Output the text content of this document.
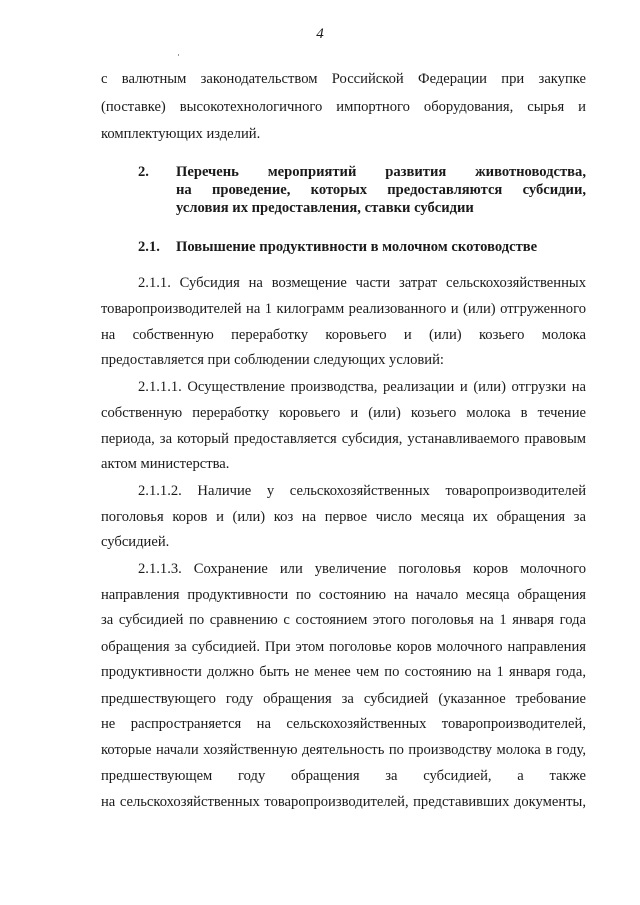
4
с валютным законодательством Российской Федерации при закупке
(поставке) высокотехнологичного импортного оборудования, сырья и
комплектующих изделий.
2. Перечень мероприятий развития животноводства,
на проведение, которых предоставляются субсидии,
условия их предоставления, ставки субсидии
2.1. Повышение продуктивности в молочном скотоводстве
2.1.1. Субсидия на возмещение части затрат сельскохозяйственных
товаропроизводителей на 1 килограмм реализованного и (или) отгруженного
на собственную переработку коровьего и (или) козьего молока
предоставляется при соблюдении следующих условий:
2.1.1.1. Осуществление производства, реализации и (или) отгрузки на
собственную переработку коровьего и (или) козьего молока в течение
периода, за который предоставляется субсидия, устанавливаемого правовым
актом министерства.
2.1.1.2. Наличие у сельскохозяйственных товаропроизводителей
поголовья коров и (или) коз на первое число месяца их обращения за
субсидией.
2.1.1.3. Сохранение или увеличение поголовья коров молочного
направления продуктивности по состоянию на начало месяца обращения
за субсидией по сравнению с состоянием этого поголовья на 1 января года
обращения за субсидией. При этом поголовье коров молочного направления
продуктивности должно быть не менее чем по состоянию на 1 января года,
предшествующего году обращения за субсидией (указанное требование
не распространяется на сельскохозяйственных товаропроизводителей,
которые начали хозяйственную деятельность по производству молока в году,
предшествующем году обращения за субсидией, а также
на сельскохозяйственных товаропроизводителей, представивших документы,
